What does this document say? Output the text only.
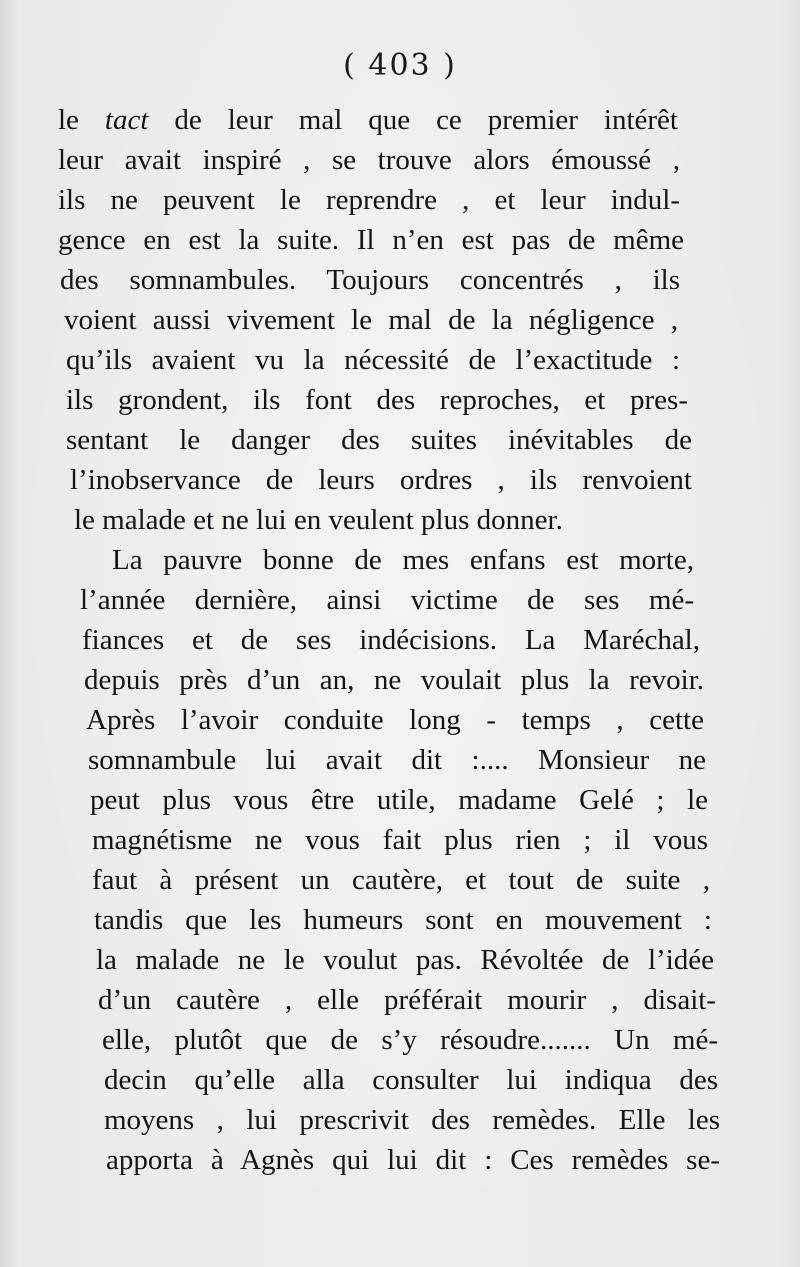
( 403 )
le tact de leur mal que ce premier intérêt
leur avait inspiré , se trouve alors émoussé ,
ils ne peuvent le reprendre , et leur indul-
gence en est la suite. Il n’en est pas de même
des somnambules. Toujours concentrés , ils
voient aussi vivement le mal de la négligence ,
qu’ils avaient vu la nécessité de l’exactitude :
ils grondent, ils font des reproches, et pres-
sentant le danger des suites inévitables de
l’inobservance de leurs ordres , ils renvoient
le malade et ne lui en veulent plus donner.
La pauvre bonne de mes enfans est morte,
l’année dernière, ainsi victime de ses mé-
fiances et de ses indécisions. La Maréchal,
depuis près d’un an, ne voulait plus la revoir.
Après l’avoir conduite long - temps , cette
somnambule lui avait dit :.... Monsieur ne
peut plus vous être utile, madame Gelé ; le
magnétisme ne vous fait plus rien ; il vous
faut à présent un cautère, et tout de suite ,
tandis que les humeurs sont en mouvement :
la malade ne le voulut pas. Révoltée de l’idée
d’un cautère , elle préférait mourir , disait-
elle, plutôt que de s’y résoudre....... Un mé-
decin qu’elle alla consulter lui indiqua des
moyens , lui prescrivit des remèdes. Elle les
apporta à Agnès qui lui dit : Ces remèdes se-
